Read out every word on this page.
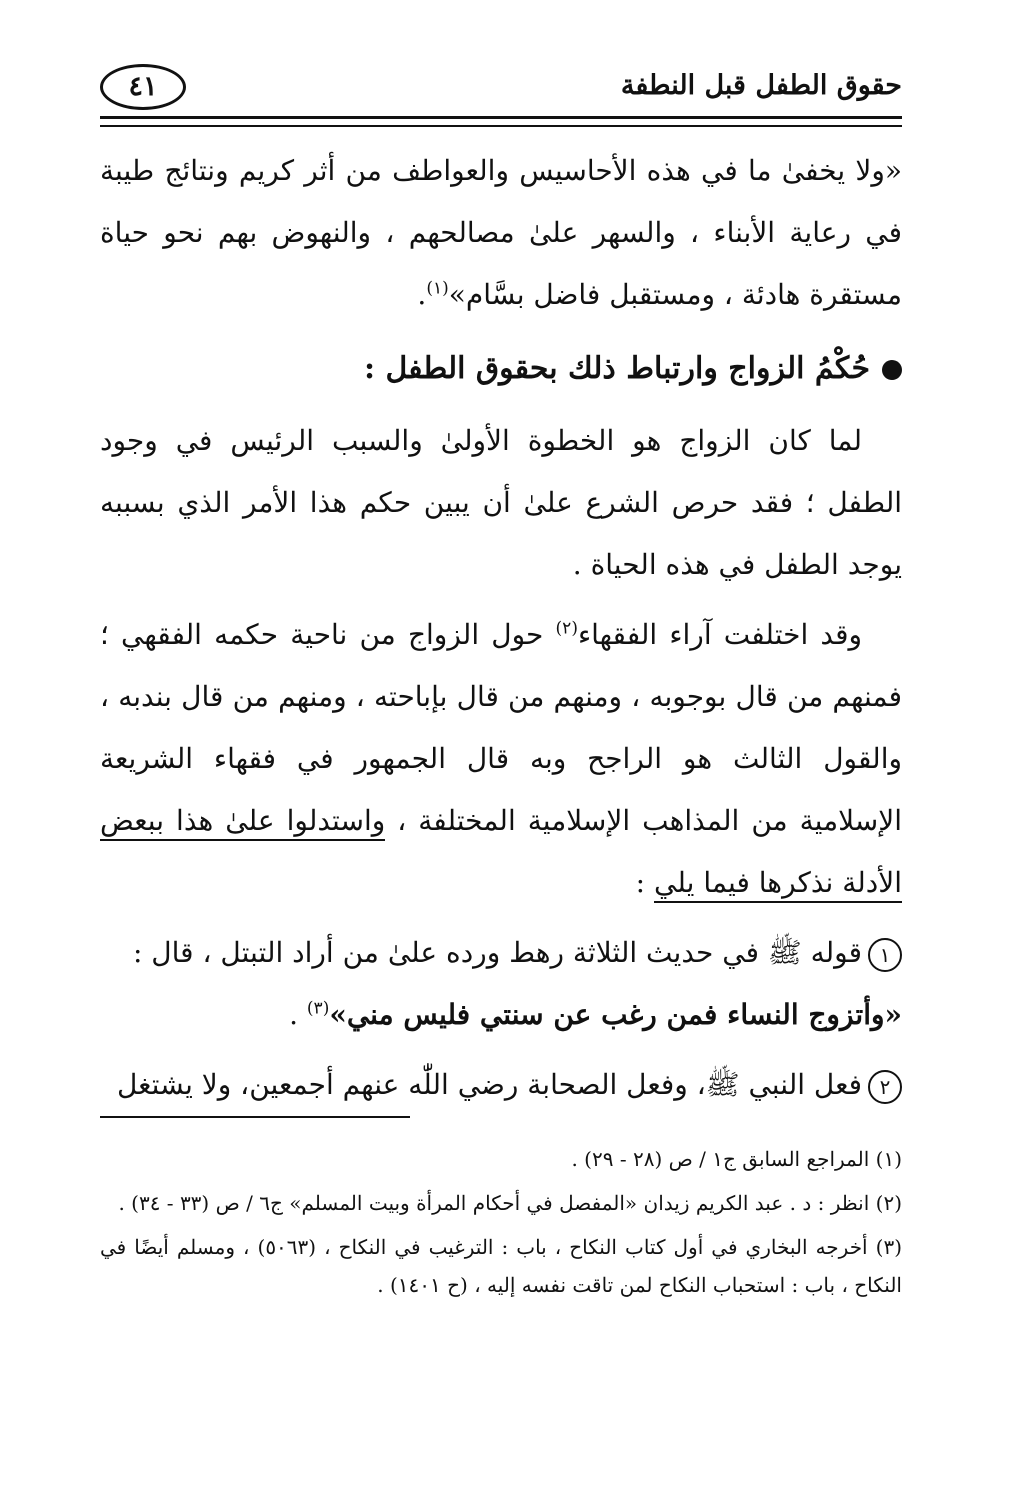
حقوق الطفل قبل النطفة
٤١

«ولا يخفىٰ ما في هذه الأحاسيس والعواطف من أثر كريم ونتائج طيبة في رعاية الأبناء ، والسهر علىٰ مصالحهم ، والنهوض بهم نحو حياة مستقرة هادئة ، ومستقبل فاضل بسَّام»$^{(١)}$.

حُكْمُ الزواج وارتباط ذلك بحقوق الطفل :

لما كان الزواج هو الخطوة الأولىٰ والسبب الرئيس في وجود الطفل ؛ فقد حرص الشرع علىٰ أن يبين حكم هذا الأمر الذي بسببه يوجد الطفل في هذه الحياة .

وقد اختلفت آراء الفقهاء$^{(٢)}$ حول الزواج من ناحية حكمه الفقهي ؛ فمنهم من قال بوجوبه ، ومنهم من قال بإباحته ، ومنهم من قال بندبه ، والقول الثالث هو الراجح وبه قال الجمهور في فقهاء الشريعة الإسلامية من المذاهب الإسلامية المختلفة ، واستدلوا علىٰ هذا ببعض الأدلة نذكرها فيما يلي :

١قوله ﷺ في حديث الثلاثة رهط ورده علىٰ من أراد التبتل ، قال :
«وأتزوج النساء فمن رغب عن سنتي فليس مني»$^{(٣)}$ .

٢فعل النبي ﷺ، وفعل الصحابة رضي اللّٰه عنهم أجمعين، ولا يشتغل

(١) المراجع السابق ج١ / ص (٢٨ - ٢٩) .

(٢) انظر : د . عبد الكريم زيدان «المفصل في أحكام المرأة وبيت المسلم» ج٦ / ص (٣٣ - ٣٤) .

(٣) أخرجه البخاري في أول كتاب النكاح ، باب : الترغيب في النكاح ، (٥٠٦٣) ، ومسلم أيضًا في النكاح ، باب : استحباب النكاح لمن تاقت نفسه إليه ، (ح ١٤٠١) .
